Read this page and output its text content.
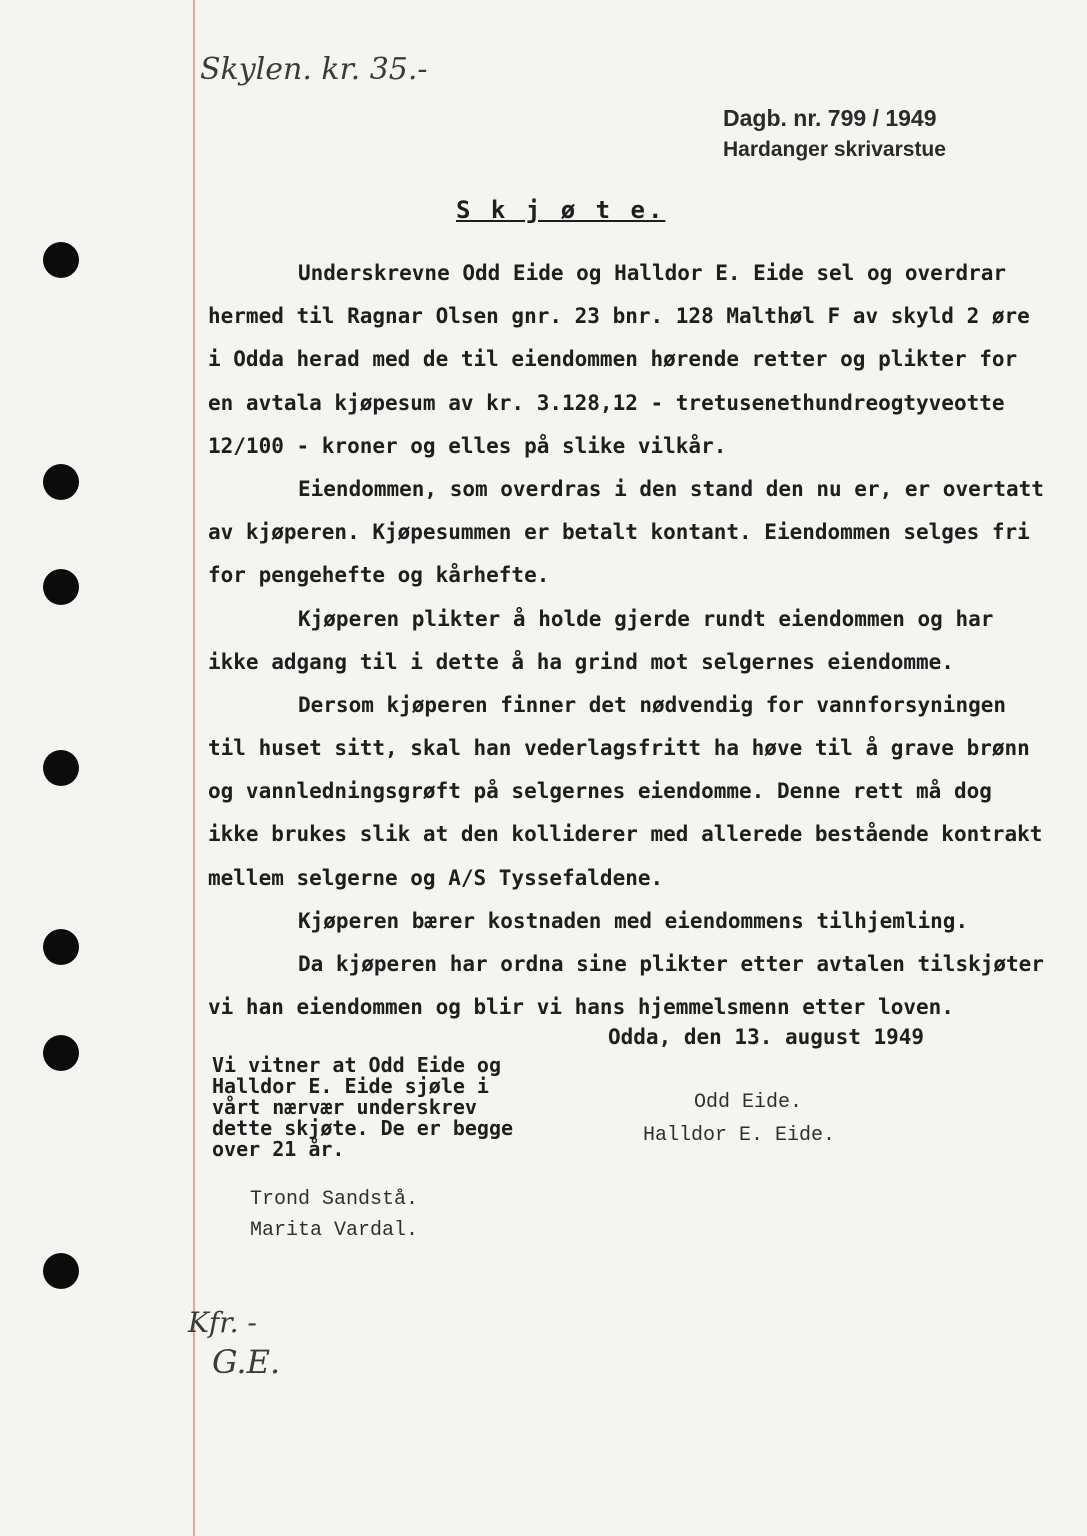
Skylen. kr. 35.-
Dagb. nr. 799 / 1949
Hardanger skrivarstue
S k j ø t e.
Underskrevne Odd Eide og Halldor E. Eide sel og overdrar
hermed til Ragnar Olsen gnr. 23 bnr. 128 Malthøl F av skyld 2 øre
i Odda herad med de til eiendommen hørende retter og plikter for
en avtala kjøpesum av kr. 3.128,12 - tretusenethundreogtyveotte
12/100 - kroner og elles på slike vilkår.
Eiendommen, som overdras i den stand den nu er, er overtatt
av kjøperen. Kjøpesummen er betalt kontant. Eiendommen selges fri
for pengehefte og kårhefte.
Kjøperen plikter å holde gjerde rundt eiendommen og har
ikke adgang til i dette å ha grind mot selgernes eiendomme.
Dersom kjøperen finner det nødvendig for vannforsyningen
til huset sitt, skal han vederlagsfritt ha høve til å grave brønn
og vannledningsgrøft på selgernes eiendomme. Denne rett må dog
ikke brukes slik at den kolliderer med allerede bestående kontrakt
mellem selgerne og A/S Tyssefaldene.
Kjøperen bærer kostnaden med eiendommens tilhjemling.
Da kjøperen har ordna sine plikter etter avtalen tilskjøter
vi han eiendommen og blir vi hans hjemmelsmenn etter loven.
Odda, den 13. august 1949
Vi vitner at Odd Eide og
Halldor E. Eide sjøle i
vårt nærvær underskrev
dette skjøte. De er begge
over 21 år.
Odd Eide.
Halldor E. Eide.
Trond Sandstå.
Marita Vardal.
Kfr. -
G.E.
